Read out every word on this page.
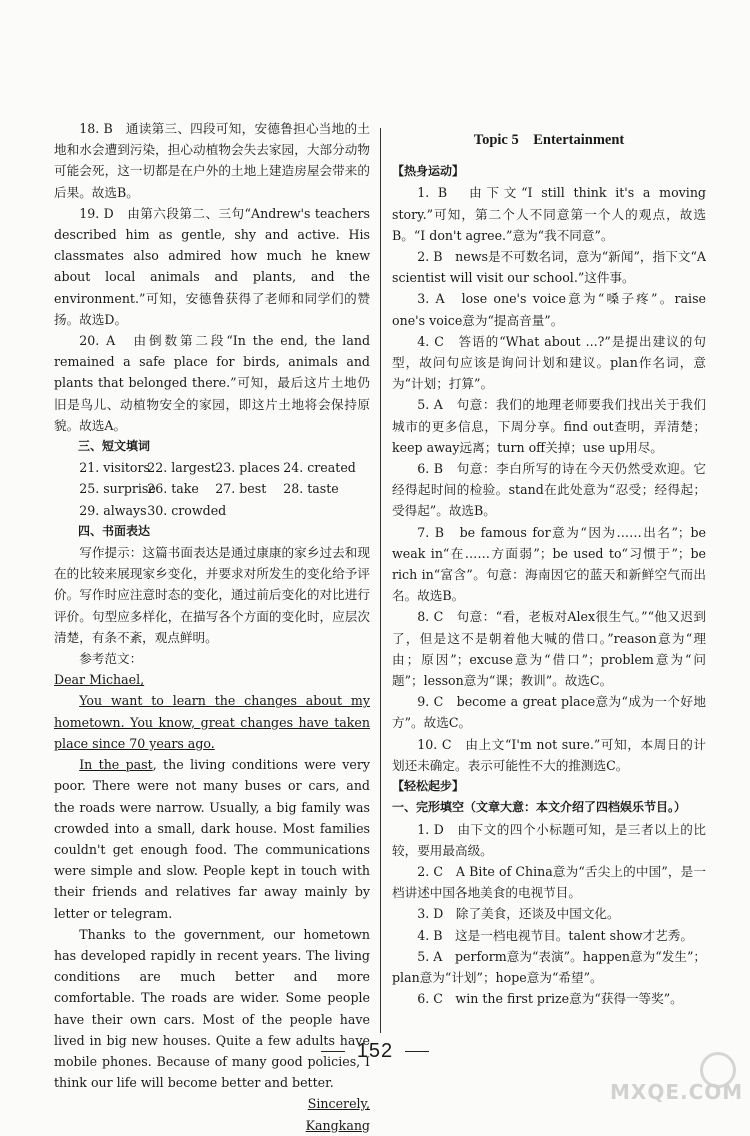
18. B　通读第三、四段可知，安德鲁担心当地的土地和水会遭到污染，担心动植物会失去家园，大部分动物可能会死，这一切都是在户外的土地上建造房屋会带来的后果。故选B。

19. D　由第六段第二、三句“Andrew's teachers described him as gentle, shy and active. His classmates also admired how much he knew about local animals and plants, and the environment.”可知，安德鲁获得了老师和同学们的赞扬。故选D。

20. A　由倒数第二段“In the end, the land remained a safe place for birds, animals and plants that belonged there.”可知，最后这片土地仍旧是鸟儿、动植物安全的家园，即这片土地将会保持原貌。故选A。

三、短文填词

21. visitors
22. largest 23. places 24. created
25. surprise
26. take	27. best	28. taste
29. always 30. crowded

四、书面表达

写作提示：这篇书面表达是通过康康的家乡过去和现在的比较来展现家乡变化，并要求对所发生的变化给予评价。写作时应注意时态的变化，通过前后变化的对比进行评价。句型应多样化，在描写各个方面的变化时，应层次清楚，有条不紊，观点鲜明。

参考范文：

Dear Michael,

You want to learn the changes about my hometown. You know, great changes have taken place since 70 years ago.

In the past, the living conditions were very poor. There were not many buses or cars, and the roads were narrow. Usually, a big family was crowded into a small, dark house. Most families couldn't get enough food. The communications were simple and slow. People kept in touch with their friends and relatives far away mainly by letter or telegram.

Thanks to the government, our hometown has developed rapidly in recent years. The living conditions are much better and more comfortable. The roads are wider. Some people have their own cars. Most of the people have lived in big new houses. Quite a few adults have mobile phones. Because of many good policies, I think our life will become better and better.

Sincerely,

Kangkang

Topic 5　Entertainment

【热身运动】

1. B　由下文“I still think it's a moving story.”可知，第二个人不同意第一个人的观点，故选B。“I don't agree.”意为“我不同意”。

2. B　news是不可数名词，意为“新闻”，指下文“A scientist will visit our school.”这件事。

3. A　lose one's voice意为“嗓子疼”。raise one's voice意为“提高音量”。

4. C　答语的“What about ...?”是提出建议的句型，故问句应该是询问计划和建议。plan作名词，意为“计划；打算”。

5. A　句意：我们的地理老师要我们找出关于我们城市的更多信息，下周分享。find out查明，弄清楚；keep away远离；turn off关掉；use up用尽。

6. B　句意：李白所写的诗在今天仍然受欢迎。它经得起时间的检验。stand在此处意为“忍受；经得起；受得起”。故选B。

7. B　be famous for意为“因为……出名”；be weak in“在……方面弱”；be used to“习惯于”；be rich in“富含”。句意：海南因它的蓝天和新鲜空气而出名。故选B。

8. C　句意：“看，老板对Alex很生气。”“他又迟到了，但是这不是朝着他大喊的借口。”reason意为“理由；原因”；excuse意为“借口”；problem意为“问题”；lesson意为“课；教训”。故选C。

9. C　become a great place意为“成为一个好地方”。故选C。

10. C　由上文“I'm not sure.”可知，本周日的计划还未确定。表示可能性不大的推测选C。

【轻松起步】

一、完形填空（文章大意：本文介绍了四档娱乐节目。）

1. D　由下文的四个小标题可知，是三者以上的比较，要用最高级。

2. C　A Bite of China意为“舌尖上的中国”，是一档讲述中国各地美食的电视节目。

3. D　除了美食，还谈及中国文化。

4. B　这是一档电视节目。talent show才艺秀。

5. A　perform意为“表演”。happen意为“发生”；plan意为“计划”；hope意为“希望”。

6. C　win the first prize意为“获得一等奖”。

152
MXQE.COM
